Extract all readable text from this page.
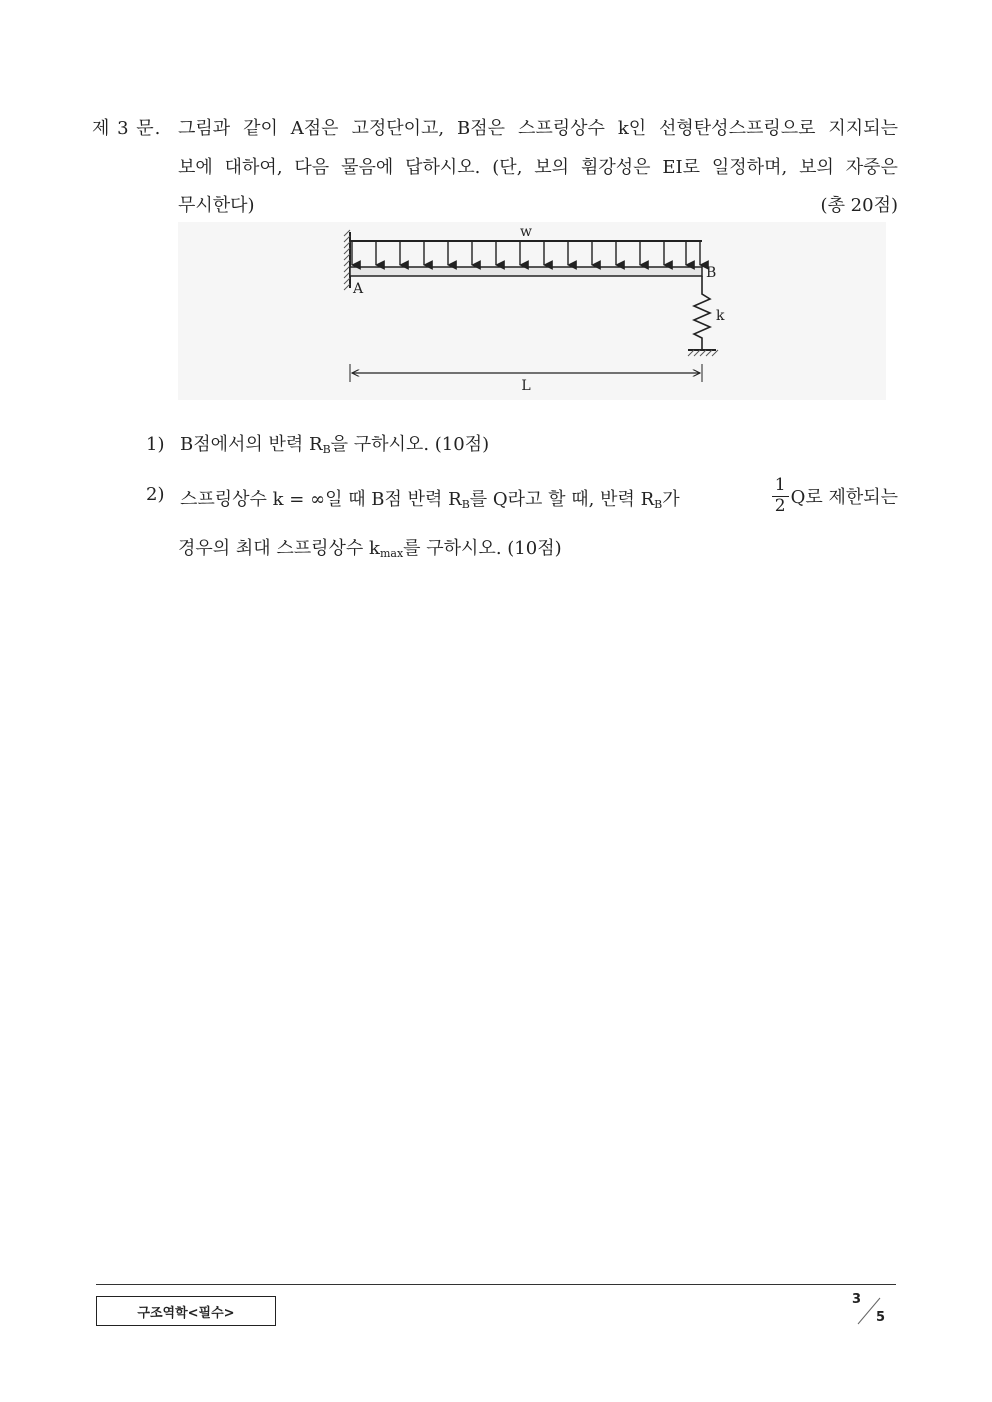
제 3 문. 그림과 같이 A점은 고정단이고, B점은 스프링상수 k인 선형탄성스프링으로 지지되는
보에 대하여, 다음 물음에 답하시오. (단, 보의 휨강성은 EI로 일정하며, 보의 자중은
무시한다)	(총 20점)
w
A
B
k
L
1) B점에서의 반력 $R_B$을 구하시오. (10점)
2) 스프링상수 k = ∞일 때 B점 반력 $R_B$를 Q라고 할 때, 반력 $R_B$가	$\frac{1}{2}$ Q로 제한되는
경우의 최대 스프링상수 $k_{max}$를 구하시오. (10점)
구조역학<필수>
3
5
